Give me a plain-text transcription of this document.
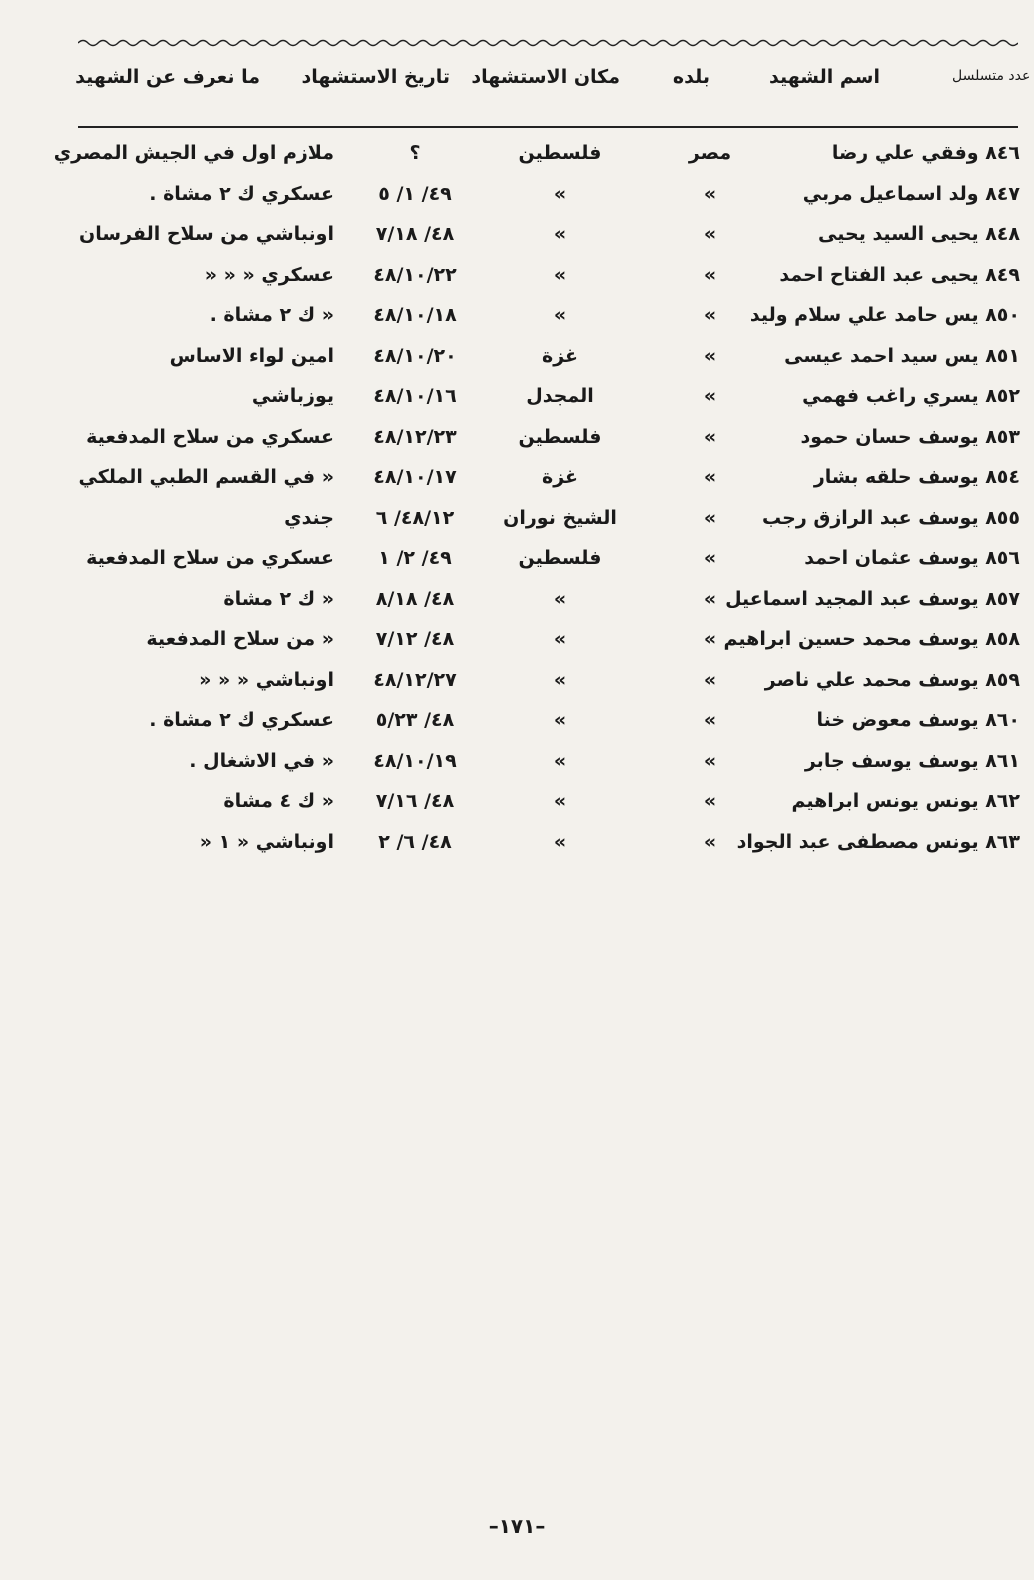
عدد متسلسل
اسم الشهيد
بلده
مكان الاستشهاد
تاريخ الاستشهاد
ما نعرف عن الشهيد
٨٤٦ وفقي علي رضا
مصر
فلسطين
؟
ملازم اول في الجيش المصري
٨٤٧ ولد اسماعيل مربي
«
«
٤٩/ ١/ ٥
عسكري ك ٢ مشاة .
٨٤٨ يحيى السيد يحيى
«
«
٤٨/ ٧/١٨
اونباشي من سلاح الفرسان
٨٤٩ يحيى عبد الفتاح احمد
«
«
٤٨/١٠/٢٢
عسكري « « «
٨٥٠ يس حامد علي سلام وليد
«
«
٤٨/١٠/١٨
« ك ٢ مشاة .
٨٥١ يس سيد احمد عيسى
«
غزة
٤٨/١٠/٢٠
امين لواء الاساس
٨٥٢ يسري راغب فهمي
«
المجدل
٤٨/١٠/١٦
يوزباشي
٨٥٣ يوسف حسان حمود
«
فلسطين
٤٨/١٢/٢٣
عسكري من سلاح المدفعية
٨٥٤ يوسف حلقه بشار
«
غزة
٤٨/١٠/١٧
« في القسم الطبي الملكي
٨٥٥ يوسف عبد الرازق رجب
«
الشيخ نوران
٤٨/١٢/ ٦
جندي
٨٥٦ يوسف عثمان احمد
«
فلسطين
٤٩/ ٢/ ١
عسكري من سلاح المدفعية
٨٥٧ يوسف عبد المجيد اسماعيل
«
«
٤٨/ ٨/١٨
« ك ٢ مشاة
٨٥٨ يوسف محمد حسين ابراهيم
«
«
٤٨/ ٧/١٢
« من سلاح المدفعية
٨٥٩ يوسف محمد علي ناصر
«
«
٤٨/١٢/٢٧
اونباشي « « «
٨٦٠ يوسف معوض خنا
«
«
٤٨/ ٥/٢٣
عسكري ك ٢ مشاة .
٨٦١ يوسف يوسف جابر
«
«
٤٨/١٠/١٩
« في الاشغال .
٨٦٢ يونس يونس ابراهيم
«
«
٤٨/ ٧/١٦
« ك ٤ مشاة
٨٦٣ يونس مصطفى عبد الجواد
«
«
٤٨/ ٦/ ٢
اونباشي « ١ «
–١٧١–
